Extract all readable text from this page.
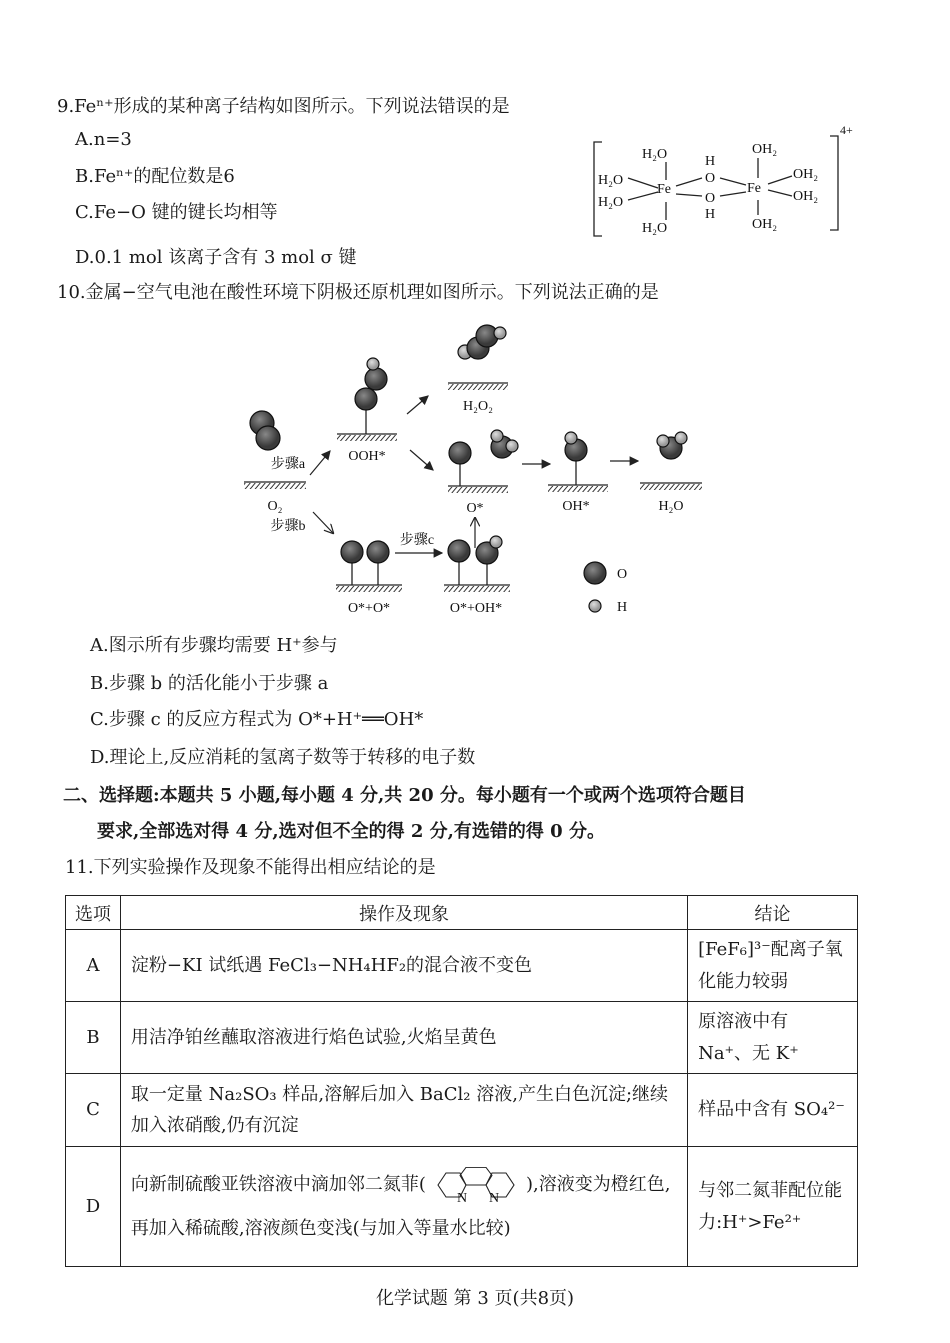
9.Feⁿ⁺形成的某种离子结构如图所示。下列说法错误的是
A.n=3
B.Feⁿ⁺的配位数是6
C.Fe−O 键的键长均相等
D.0.1 mol 该离子含有 3 mol σ 键
H₂O
H₂O
H₂O
H₂O
Fe
H
O
O
H
Fe
OH₂
OH₂
OH₂
OH₂
4+
10.金属−空气电池在酸性环境下阴极还原机理如图所示。下列说法正确的是
O₂
步骤a
步骤b
OOH*
H₂O₂
O*	OH*	H₂O
步骤c
O*+O*	O*+OH*
O
H
A.图示所有步骤均需要 H⁺参与
B.步骤 b 的活化能小于步骤 a
C.步骤 c 的反应方程式为 O*+H⁺══OH*
D.理论上,反应消耗的氢离子数等于转移的电子数
二、选择题:本题共 5 小题,每小题 4 分,共 20 分。每小题有一个或两个选项符合题目
要求,全部选对得 4 分,选对但不全的得 2 分,有选错的得 0 分。
11.下列实验操作及现象不能得出相应结论的是
选项	操作及现象	结论
A	淀粉−KI 试纸遇 FeCl₃−NH₄HF₂的混合液不变色	[FeF₆]³⁻配离子氧化能力较弱
B	用洁净铂丝蘸取溶液进行焰色试验,火焰呈黄色	原溶液中有 Na⁺、无 K⁺
C	取一定量 Na₂SO₃ 样品,溶解后加入 BaCl₂ 溶液,产生白色沉淀;继续加入浓硝酸,仍有沉淀	样品中含有 SO₄²⁻
D	向新制硫酸亚铁溶液中滴加邻二氮菲(
N N
),溶液变为橙红色,再加入稀硫酸,溶液颜色变浅(与加入等量水比较)	与邻二氮菲配位能力:H⁺>Fe²⁺
化学试题 第 3 页(共8页)
